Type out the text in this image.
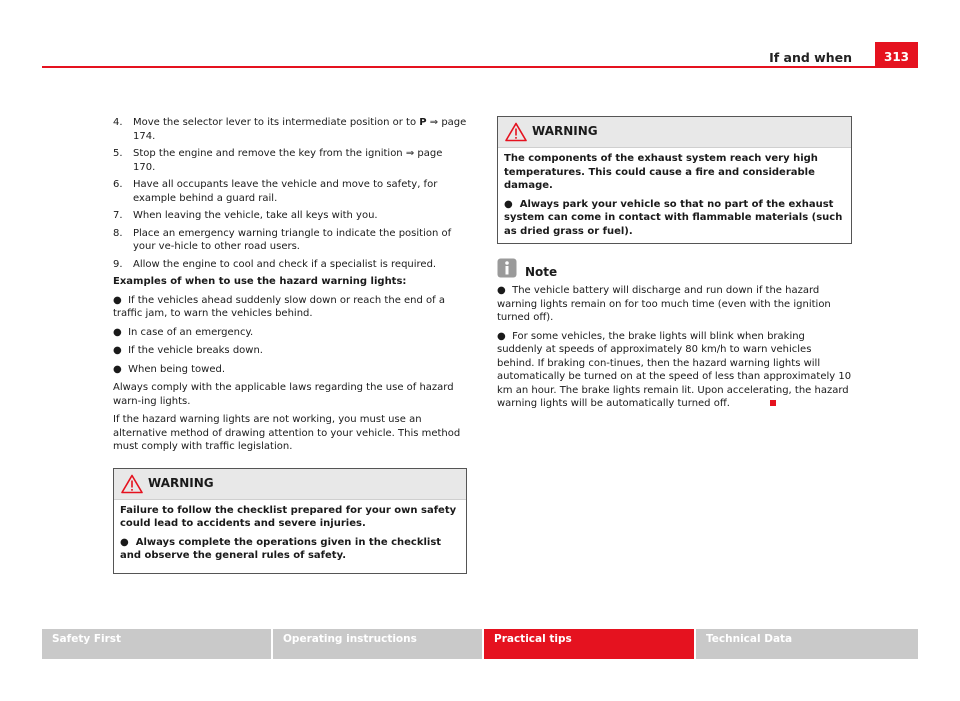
If and when	313
4. Move the selector lever to its intermediate position or to P ⇒ page 174.
5. Stop the engine and remove the key from the ignition ⇒ page 170.
6. Have all occupants leave the vehicle and move to safety, for example behind a guard rail.
7. When leaving the vehicle, take all keys with you.
8. Place an emergency warning triangle to indicate the position of your ve-hicle to other road users.
9. Allow the engine to cool and check if a specialist is required.

Examples of when to use the hazard warning lights:

● If the vehicles ahead suddenly slow down or reach the end of a traffic jam, to warn the vehicles behind.
● In case of an emergency.
● If the vehicle breaks down.
● When being towed.

Always comply with the applicable laws regarding the use of hazard warn-ing lights.

If the hazard warning lights are not working, you must use an alternative method of drawing attention to your vehicle. This method must comply with traffic legislation.

WARNING

Failure to follow the checklist prepared for your own safety could lead to accidents and severe injuries.

● Always complete the operations given in the checklist and observe the general rules of safety.

WARNING

The components of the exhaust system reach very high temperatures. This could cause a fire and considerable damage.

● Always park your vehicle so that no part of the exhaust system can come in contact with flammable materials (such as dried grass or fuel).

Note
● The vehicle battery will discharge and run down if the hazard warning lights remain on for too much time (even with the ignition turned off).
● For some vehicles, the brake lights will blink when braking suddenly at speeds of approximately 80 km/h to warn vehicles behind. If braking con-tinues, then the hazard warning lights will automatically be turned on at the speed of less than approximately 10 km an hour. The brake lights remain lit. Upon accelerating, the hazard warning lights will be automatically turned off.
Safety First	Operating instructions	Practical tips	Technical Data
